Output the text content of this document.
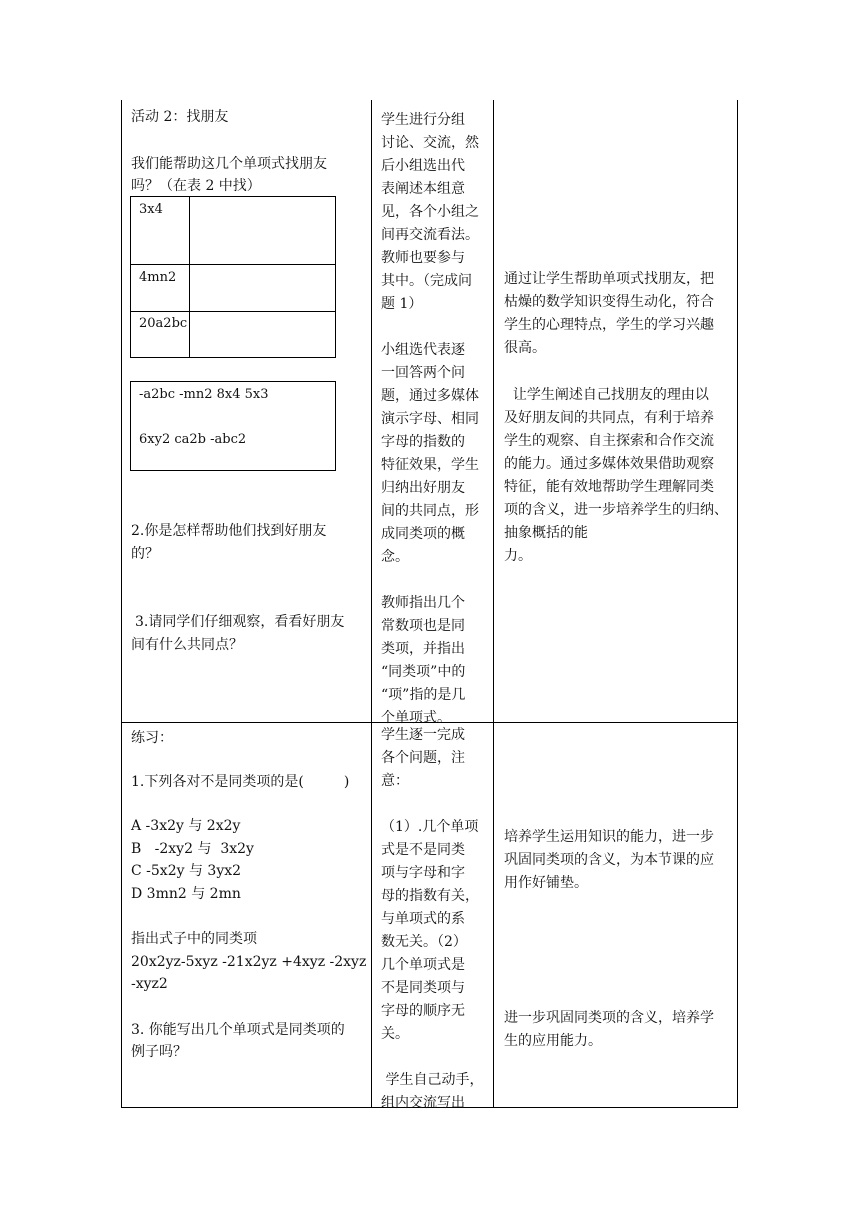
活动 2：找朋友
我们能帮助这几个单项式找朋友
吗？（在表 2 中找）
3x4
4mn2
20a2bc
-a2bc -mn2 8x4 5x3
6xy2 ca2b -abc2
2.你是怎样帮助他们找到好朋友
的？
3.请同学们仔细观察，看看好朋友
间有什么共同点？
学生进行分组
讨论、交流，然
后小组选出代
表阐述本组意
见，各个小组之
间再交流看法。
教师也要参与
其中。（完成问
题 1）
小组选代表逐
一回答两个问
题，通过多媒体
演示字母、相同
字母的指数的
特征效果，学生
归纳出好朋友
间的共同点，形
成同类项的概
念。
教师指出几个
常数项也是同
类项，并指出
“同类项”中的
“项”指的是几
个单项式。
通过让学生帮助单项式找朋友，把
枯燥的数学知识变得生动化，符合
学生的心理特点，学生的学习兴趣
很高。
让学生阐述自己找朋友的理由以
及好朋友间的共同点，有利于培养
学生的观察、自主探索和合作交流
的能力。通过多媒体效果借助观察
特征，能有效地帮助学生理解同类
项的含义，进一步培养学生的归纳、
抽象概括的能
力。
练习：
1.下列各对不是同类项的是(         )
A -3x2y 与 2x2y
B   -2xy2 与  3x2y
C -5x2y 与 3yx2
D 3mn2 与 2mn
指出式子中的同类项
20x2yz-5xyz -21x2yz +4xyz -2xyz
-xyz2
3. 你能写出几个单项式是同类项的
例子吗？
学生逐一完成
各个问题，注
意：
（1）.几个单项
式是不是同类
项与字母和字
母的指数有关，
与单项式的系
数无关。（2）
几个单项式是
不是同类项与
字母的顺序无
关。
学生自己动手，
组内交流写出
培养学生运用知识的能力，进一步
巩固同类项的含义，为本节课的应
用作好铺垫。
进一步巩固同类项的含义，培养学
生的应用能力。
